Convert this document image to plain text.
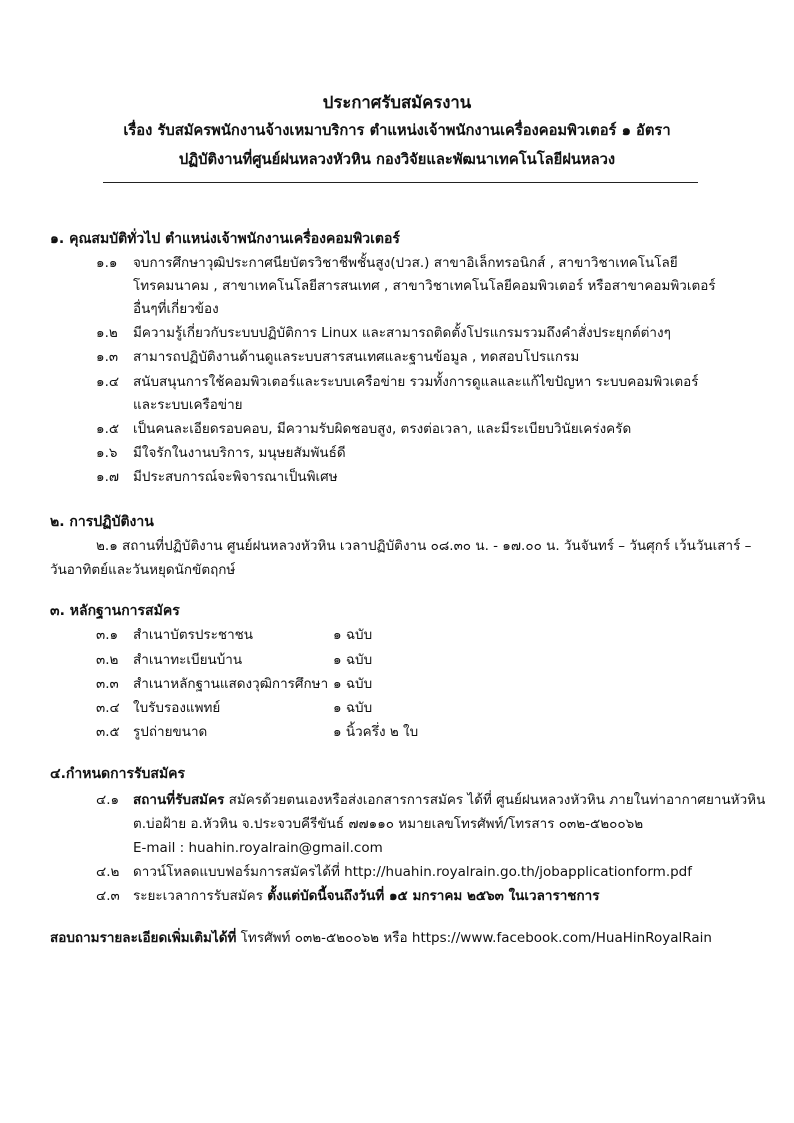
ประกาศรับสมัครงาน
เรื่อง รับสมัครพนักงานจ้างเหมาบริการ ตำแหน่งเจ้าพนักงานเครื่องคอมพิวเตอร์ ๑ อัตรา
ปฏิบัติงานที่ศูนย์ฝนหลวงหัวหิน กองวิจัยและพัฒนาเทคโนโลยีฝนหลวง
๑. คุณสมบัติทั่วไป ตำแหน่งเจ้าพนักงานเครื่องคอมพิวเตอร์
๑.๑ จบการศึกษาวุฒิประกาศนียบัตรวิชาชีพชั้นสูง(ปวส.) สาขาอิเล็กทรอนิกส์ , สาขาวิชาเทคโนโลยี
โทรคมนาคม , สาขาเทคโนโลยีสารสนเทศ , สาขาวิชาเทคโนโลยีคอมพิวเตอร์ หรือสาขาคอมพิวเตอร์
อื่นๆที่เกี่ยวข้อง
๑.๒ มีความรู้เกี่ยวกับระบบปฏิบัติการ Linux และสามารถติดตั้งโปรแกรมรวมถึงคำสั่งประยุกต์ต่างๆ
๑.๓ สามารถปฏิบัติงานด้านดูแลระบบสารสนเทศและฐานข้อมูล , ทดสอบโปรแกรม
๑.๔ สนับสนุนการใช้คอมพิวเตอร์และระบบเครือข่าย รวมทั้งการดูแลและแก้ไขปัญหา ระบบคอมพิวเตอร์
และระบบเครือข่าย
๑.๕ เป็นคนละเอียดรอบคอบ, มีความรับผิดชอบสูง, ตรงต่อเวลา, และมีระเบียบวินัยเคร่งครัด
๑.๖ มีใจรักในงานบริการ, มนุษยสัมพันธ์ดี
๑.๗ มีประสบการณ์จะพิจารณาเป็นพิเศษ
๒. การปฏิบัติงาน
๒.๑ สถานที่ปฏิบัติงาน ศูนย์ฝนหลวงหัวหิน เวลาปฏิบัติงาน ๐๘.๓๐ น. - ๑๗.๐๐ น. วันจันทร์ – วันศุกร์ เว้นวันเสาร์ –
วันอาทิตย์และวันหยุดนักขัตฤกษ์
๓. หลักฐานการสมัคร
๓.๑ สำเนาบัตรประชาชน	๑ ฉบับ
๓.๒ สำเนาทะเบียนบ้าน	๑ ฉบับ
๓.๓ สำเนาหลักฐานแสดงวุฒิการศึกษา ๑ ฉบับ
๓.๔ ใบรับรองแพทย์	๑ ฉบับ
๓.๕ รูปถ่ายขนาด	๑ นิ้วครึ่ง ๒ ใบ
๔.กำหนดการรับสมัคร
๔.๑ สถานที่รับสมัคร สมัครด้วยตนเองหรือส่งเอกสารการสมัคร ได้ที่ ศูนย์ฝนหลวงหัวหิน ภายในท่าอากาศยานหัวหิน
ต.บ่อฝ้าย อ.หัวหิน จ.ประจวบคีรีขันธ์ ๗๗๑๑๐ หมายเลขโทรศัพท์/โทรสาร ๐๓๒-๕๒๐๐๖๒
E-mail : huahin.royalrain@gmail.com
๔.๒ ดาวน์โหลดแบบฟอร์มการสมัครได้ที่ http://huahin.royalrain.go.th/jobapplicationform.pdf
๔.๓ ระยะเวลาการรับสมัคร ตั้งแต่บัดนี้จนถึงวันที่ ๑๕ มกราคม ๒๕๖๓ ในเวลาราชการ
สอบถามรายละเอียดเพิ่มเติมได้ที่ โทรศัพท์ ๐๓๒-๕๒๐๐๖๒ หรือ https://www.facebook.com/HuaHinRoyalRain
